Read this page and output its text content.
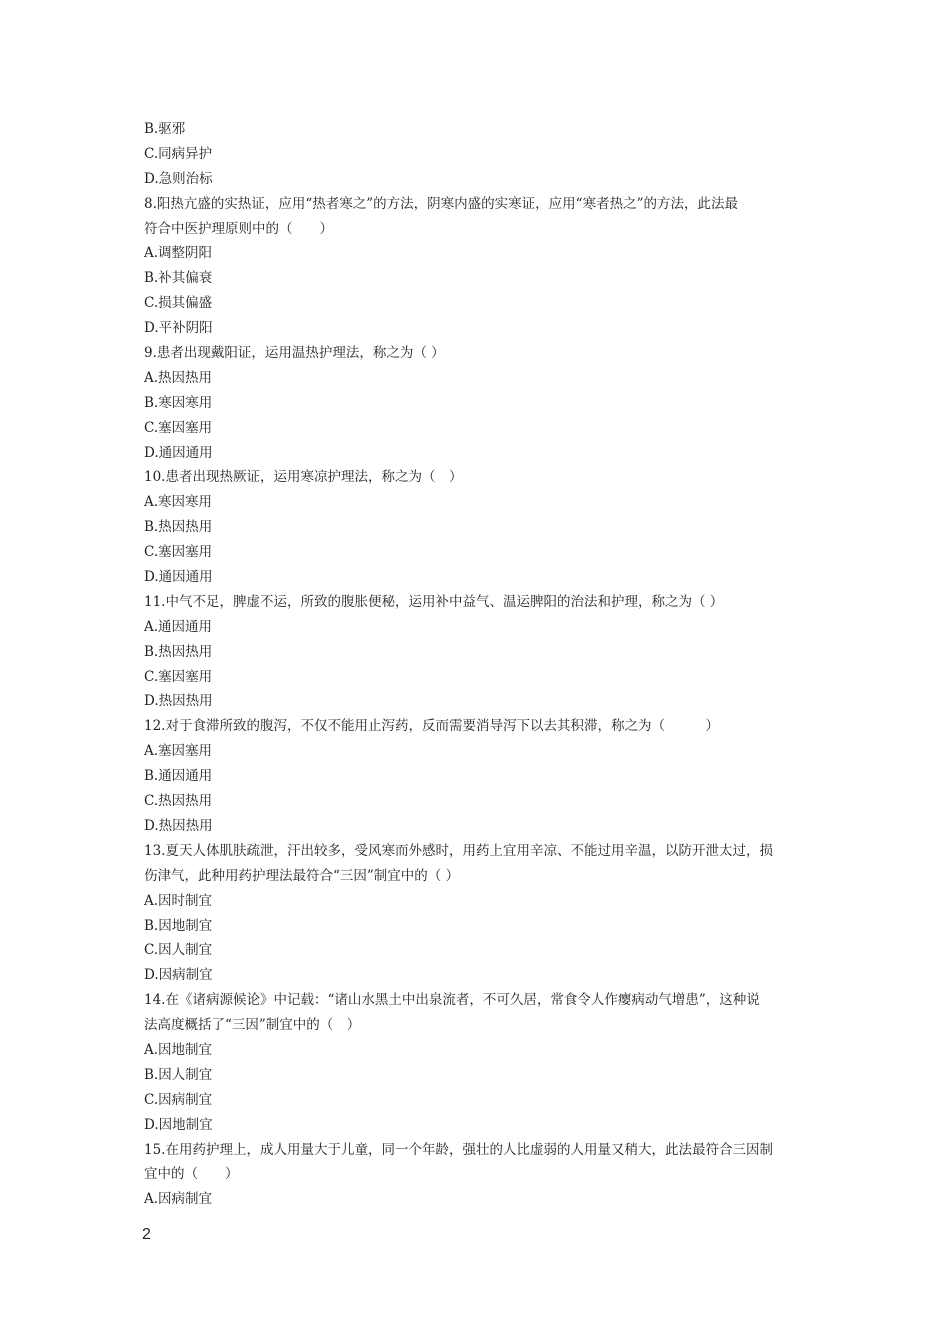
B.驱邪
C.同病异护
D.急则治标
8.阳热亢盛的实热证，应用“热者寒之”的方法，阴寒内盛的实寒证，应用“寒者热之”的方法，此法最
符合中医护理原则中的（　　）
A.调整阴阳
B.补其偏衰
C.损其偏盛
D.平补阴阳
9.患者出现戴阳证，运用温热护理法，称之为（ ）
A.热因热用
B.寒因寒用
C.塞因塞用
D.通因通用
10.患者出现热厥证，运用寒凉护理法，称之为（　）
A.寒因寒用
B.热因热用
C.塞因塞用
D.通因通用
11.中气不足，脾虚不运，所致的腹胀便秘，运用补中益气、温运脾阳的治法和护理，称之为（ ）
A.通因通用
B.热因热用
C.塞因塞用
D.热因热用
12.对于食滞所致的腹泻，不仅不能用止泻药，反而需要消导泻下以去其积滞，称之为（　　　）
A.塞因塞用
B.通因通用
C.热因热用
D.热因热用
13.夏天人体肌肤疏泄，汗出较多，受风寒而外感时，用药上宜用辛凉、不能过用辛温，以防开泄太过，损
伤津气，此种用药护理法最符合“三因”制宜中的（ ）
A.因时制宜
B.因地制宜
C.因人制宜
D.因病制宜
14.在《诸病源候论》中记载：“诸山水黑土中出泉流者，不可久居，常食令人作瘿病动气增患”，这种说
法高度概括了“三因”制宜中的（　）
A.因地制宜
B.因人制宜
C.因病制宜
D.因地制宜
15.在用药护理上，成人用量大于儿童，同一个年龄，强壮的人比虚弱的人用量又稍大，此法最符合三因制
宜中的（　　）
A.因病制宜
2
